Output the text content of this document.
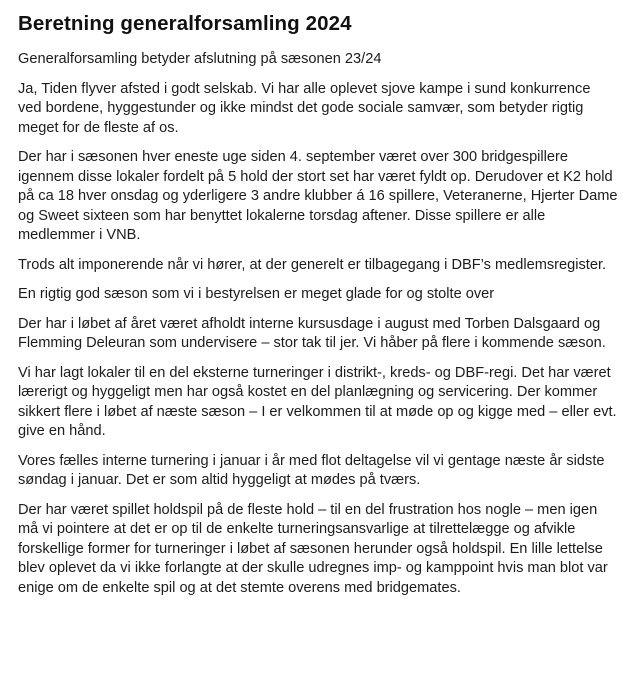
Beretning generalforsamling 2024

Generalforsamling betyder afslutning på sæsonen 23/24

Ja, Tiden flyver afsted i godt selskab. Vi har alle oplevet sjove kampe i sund konkurrence ved bordene, hyggestunder og ikke mindst det gode sociale samvær, som betyder rigtig meget for de fleste af os.

Der har i sæsonen hver eneste uge siden 4. september været over 300 bridgespillere igennem disse lokaler fordelt på 5 hold der stort set har været fyldt op. Derudover et K2 hold på ca 18 hver onsdag og yderligere 3 andre klubber á 16 spillere, Veteranerne, Hjerter Dame og Sweet sixteen som har benyttet lokalerne torsdag aftener. Disse spillere er alle medlemmer i VNB.

Trods alt imponerende når vi hører, at der generelt er tilbagegang i DBF’s medlemsregister.

En rigtig god sæson som vi i bestyrelsen er meget glade for og stolte over

Der har i løbet af året været afholdt interne kursusdage i august med Torben Dalsgaard og Flemming Deleuran som undervisere – stor tak til jer. Vi håber på flere i kommende sæson.

Vi har lagt lokaler til en del eksterne turneringer i distrikt-, kreds- og DBF-regi. Det har været lærerigt og hyggeligt men har også kostet en del planlægning og servicering. Der kommer sikkert flere i løbet af næste sæson – I er velkommen til at møde op og kigge med – eller evt. give en hånd.

Vores fælles interne turnering i januar i år med flot deltagelse vil vi gentage næste år sidste søndag i januar. Det er som altid hyggeligt at mødes på tværs.

Der har været spillet holdspil på de fleste hold – til en del frustration hos nogle – men igen må vi pointere at det er op til de enkelte turneringsansvarlige at tilrettelægge og afvikle forskellige former for turneringer i løbet af sæsonen herunder også holdspil. En lille lettelse blev oplevet da vi ikke forlangte at der skulle udregnes imp- og kamppoint hvis man blot var enige om de enkelte spil og at det stemte overens med bridgemates.
